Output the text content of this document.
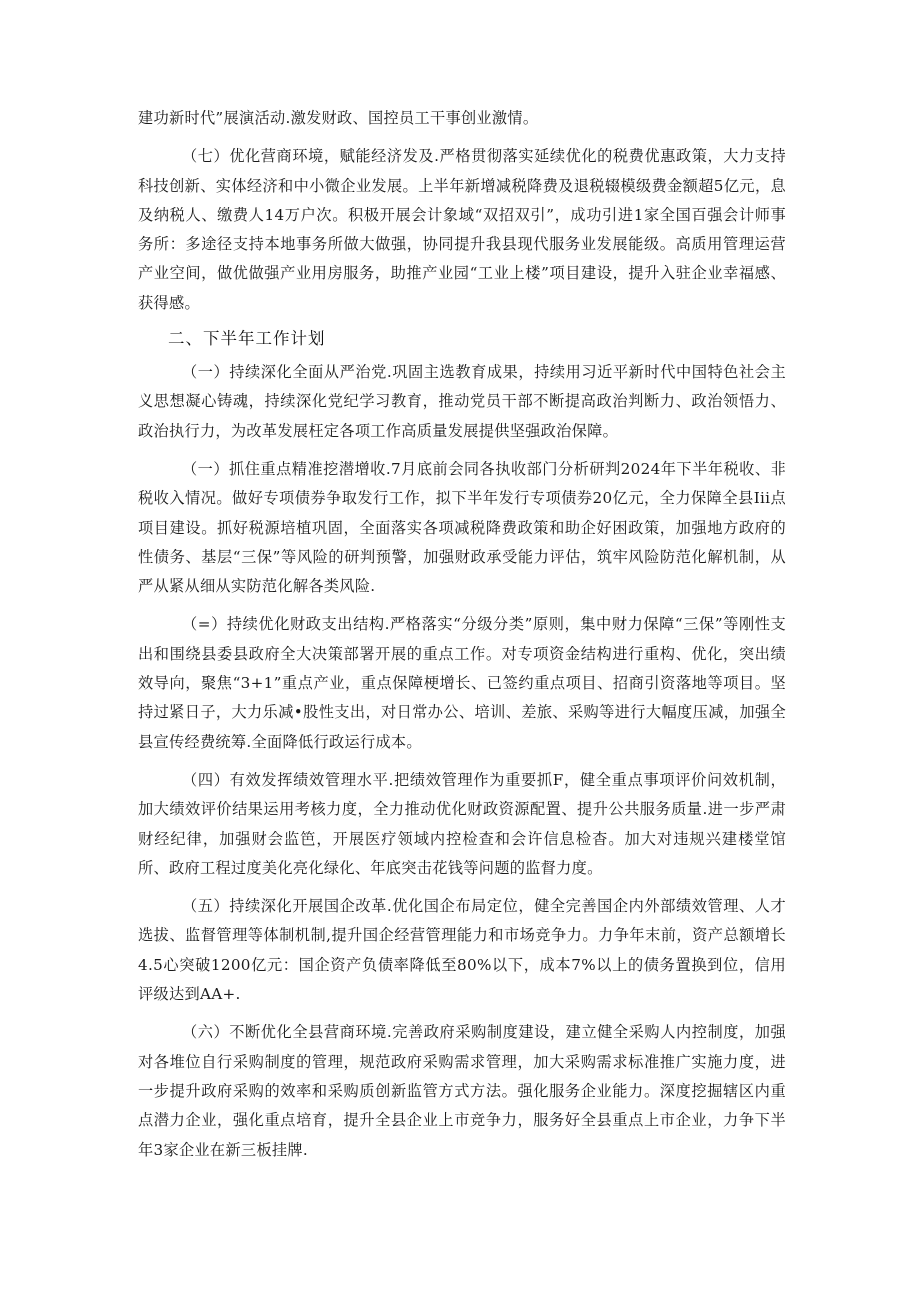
建功新时代”展演活动.激发财政、国控员工干事创业激情。

（七）优化营商环境，赋能经济发及.严格贯彻落实延续优化的税费优惠政策，大力支持科技创新、实体经济和中小微企业发展。上半年新增减税降费及退税辍模级费金额超5亿元，息及纳税人、缴费人14万户次。积极开展会计象域“双招双引”，成功引进1家全国百强会计师事务所：多途径支持本地事务所做大做强，协同提升我县现代服务业发展能级。高质用管理运营产业空间，做优做强产业用房服务，助推产业园“工业上楼”项目建设，提升入驻企业幸福感、获得感。

二、下半年工作计划

（一）持续深化全面从严治党.巩固主选教育成果，持续用习近平新时代中国特色社会主义思想凝心铸魂，持续深化党纪学习教育，推动党员干部不断提高政治判断力、政治领悟力、政治执行力，为改革发展枉定各项工作高质量发展提供坚强政治保障。

（一）抓住重点精准挖潜增收.7月底前会同各执收部门分析研判2024年下半年税收、非税收入情况。做好专项债券争取发行工作，拟下半年发行专项债券20亿元，全力保障全县Iii点项目建设。抓好税源培植巩固，全面落实各项减税降费政策和助企好困政策，加强地方政府的性债务、基层“三保”等风险的研判预警，加强财政承受能力评估，筑牢风险防范化解机制，从严从紧从细从实防范化解各类风险.

（=）持续优化财政支出结构.严格落实“分级分类”原则，集中财力保障“三保”等刚性支出和围绕县委县政府全大决策部署开展的重点工作。对专项资金结构进行重构、优化，突出绩效导向，聚焦“3+1”重点产业，重点保障梗增长、已签约重点项目、招商引资落地等项目。坚持过紧日子，大力乐减•股性支出，对日常办公、培训、差旅、采购等进行大幅度压减，加强全县宣传经费统筹.全面降低行政运行成本。

（四）有效发挥绩效管理水平.把绩效管理作为重要抓F，健全重点事项评价问效机制，加大绩效评价结果运用考核力度，全力推动优化财政资源配置、提升公共服务质量.进一步严肃财经纪律，加强财会监笆，开展医疗领域内控检查和会许信息检杳。加大对违规兴建楼堂馆所、政府工程过度美化亮化绿化、年底突击花钱等问题的监督力度。

（五）持续深化开展国企改革.优化国企布局定位，健全完善国企内外部绩效管理、人才选拔、监督管理等体制机制,提升国企经营管理能力和市场竞争力。力争年末前，资产总额增长4.5心突破1200亿元：国企资产负债率降低至80%以下，成本7%以上的债务置换到位，信用评级达到AA+.

（六）不断优化全县营商环境.完善政府采购制度建设，建立健全采购人内控制度，加强对各堆位自行采购制度的管理，规范政府采购需求管理，加大采购需求标准推广实施力度，进一步提升政府采购的效率和采购质创新监管方式方法。强化服务企业能力。深度挖掘辖区内重点潜力企业，强化重点培育，提升全县企业上市竞争力，服务好全县重点上市企业，力争下半年3家企业在新三板挂牌.
